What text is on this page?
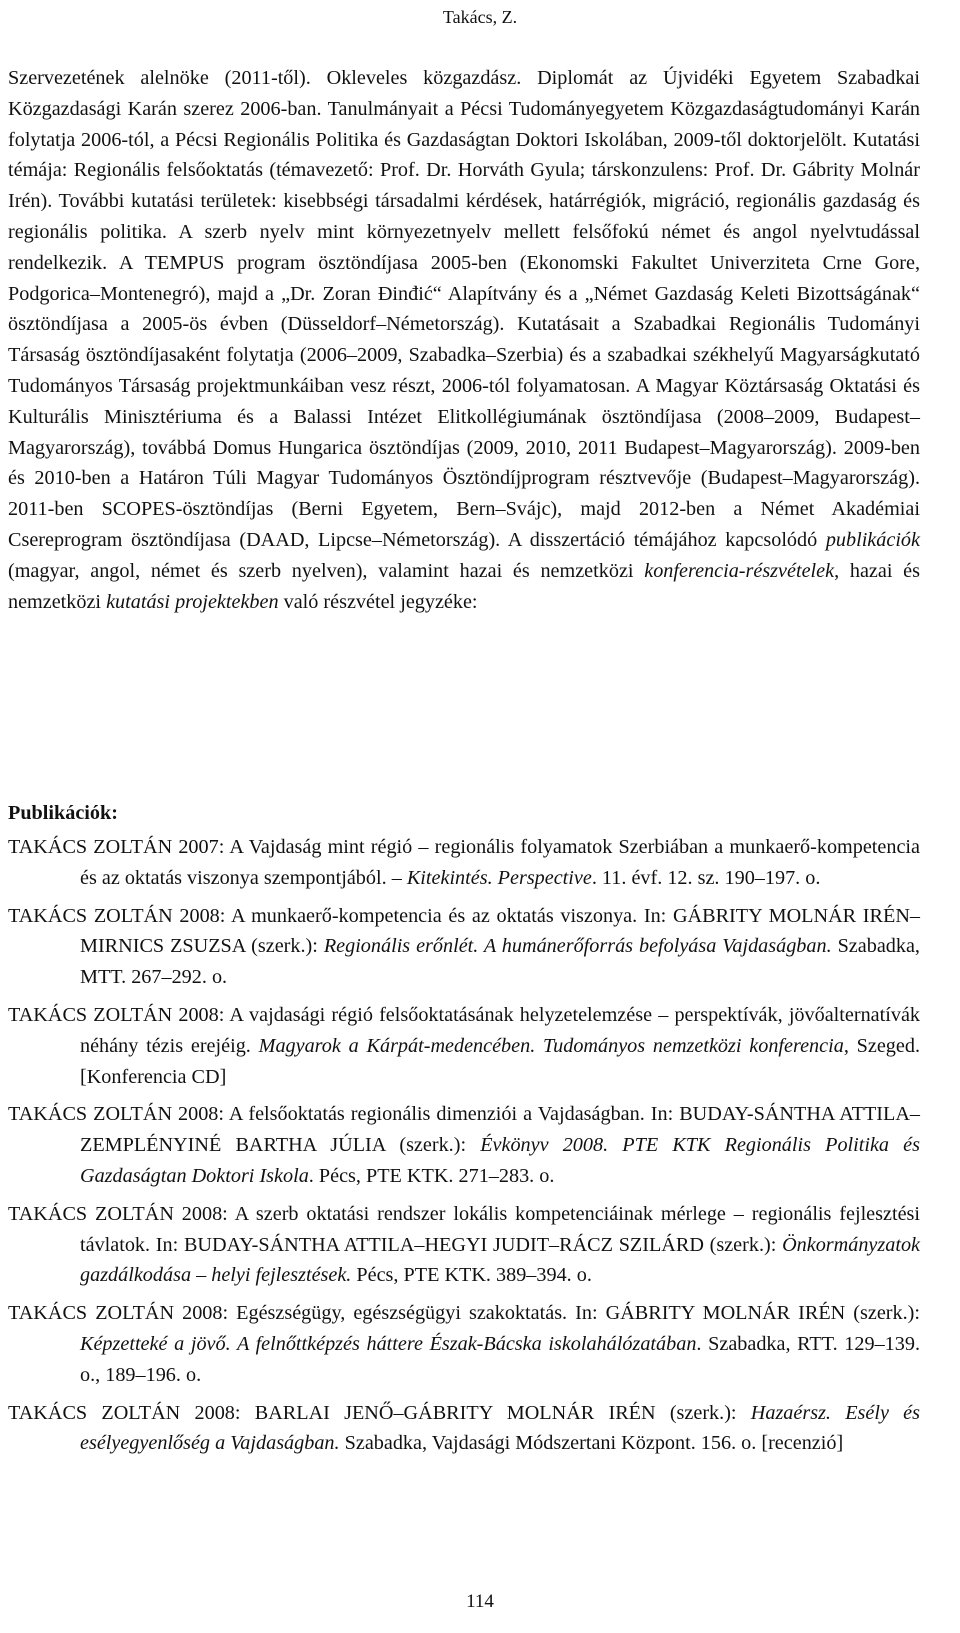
Takács, Z.

Szervezetének alelnöke (2011-től). Okleveles közgazdász. Diplomát az Újvidéki Egyetem Szabadkai Közgazdasági Karán szerez 2006-ban. Tanulmányait a Pécsi Tudományegyetem Közgazdaságtudományi Karán folytatja 2006-tól, a Pécsi Regionális Politika és Gazdaságtan Doktori Iskolában, 2009-től doktorjelölt. Kutatási témája: Regionális felsőoktatás (témavezető: Prof. Dr. Horváth Gyula; társkonzulens: Prof. Dr. Gábrity Molnár Irén). További kutatási területek: kisebbségi társadalmi kérdések, határrégiók, migráció, regionális gazdaság és regionális politika. A szerb nyelv mint környezetnyelv mellett felsőfokú német és angol nyelvtudással rendelkezik. A TEMPUS program ösztöndíjasa 2005-ben (Ekonomski Fakultet Univerziteta Crne Gore, Podgorica–Montenegró), majd a „Dr. Zoran Đinđić“ Alapítvány és a „Német Gazdaság Keleti Bizottságának“ ösztöndíjasa a 2005-ös évben (Düsseldorf–Németország). Kutatásait a Szabadkai Regionális Tudományi Társaság ösztöndíjasaként folytatja (2006–2009, Szabadka–Szerbia) és a szabadkai székhelyű Magyarságkutató Tudományos Társaság projektmunkáiban vesz részt, 2006-tól folyamatosan. A Magyar Köztársaság Oktatási és Kulturális Minisztériuma és a Balassi Intézet Elitkollégiumának ösztöndíjasa (2008–2009, Budapest–Magyarország), továbbá Domus Hungarica ösztöndíjas (2009, 2010, 2011 Budapest–Magyarország). 2009-ben és 2010-ben a Határon Túli Magyar Tudományos Ösztöndíjprogram résztvevője (Budapest–Magyarország). 2011-ben SCOPES-ösztöndíjas (Berni Egyetem, Bern–Svájc), majd 2012-ben a Német Akadémiai Csereprogram ösztöndíjasa (DAAD, Lipcse–Németország). A disszertáció témájához kapcsolódó publikációk (magyar, angol, német és szerb nyelven), valamint hazai és nemzetközi konferencia-részvételek, hazai és nemzetközi kutatási projektekben való részvétel jegyzéke:

Publikációk:
TAKÁCS ZOLTÁN 2007: A Vajdaság mint régió – regionális folyamatok Szerbiában a munkaerő-kompetencia és az oktatás viszonya szempontjából. – Kitekintés. Perspective. 11. évf. 12. sz. 190–197. o.
TAKÁCS ZOLTÁN 2008: A munkaerő-kompetencia és az oktatás viszonya. In: GÁBRITY MOLNÁR IRÉN–MIRNICS ZSUZSA (szerk.): Regionális erőnlét. A humánerőforrás befolyása Vajdaságban. Szabadka, MTT. 267–292. o.
TAKÁCS ZOLTÁN 2008: A vajdasági régió felsőoktatásának helyzetelemzése – perspektívák, jövőalternatívák néhány tézis erejéig. Magyarok a Kárpát-medencében. Tudományos nemzetközi konferencia, Szeged. [Konferencia CD]
TAKÁCS ZOLTÁN 2008: A felsőoktatás regionális dimenziói a Vajdaságban. In: BUDAY-SÁNTHA ATTILA–ZEMPLÉNYINÉ BARTHA JÚLIA (szerk.): Évkönyv 2008. PTE KTK Regionális Politika és Gazdaságtan Doktori Iskola. Pécs, PTE KTK. 271–283. o.
TAKÁCS ZOLTÁN 2008: A szerb oktatási rendszer lokális kompetenciáinak mérlege – regionális fejlesztési távlatok. In: BUDAY-SÁNTHA ATTILA–HEGYI JUDIT–RÁCZ SZILÁRD (szerk.): Önkormányzatok gazdálkodása – helyi fejlesztések. Pécs, PTE KTK. 389–394. o.
TAKÁCS ZOLTÁN 2008: Egészségügy, egészségügyi szakoktatás. In: GÁBRITY MOLNÁR IRÉN (szerk.): Képzetteké a jövő. A felnőttképzés háttere Észak-Bácska iskolahálózatában. Szabadka, RTT. 129–139. o., 189–196. o.
TAKÁCS ZOLTÁN 2008: BARLAI JENŐ–GÁBRITY MOLNÁR IRÉN (szerk.): Hazaérsz. Esély és esélyegyenlőség a Vajdaságban. Szabadka, Vajdasági Módszertani Központ. 156. o. [recenzió]
114
